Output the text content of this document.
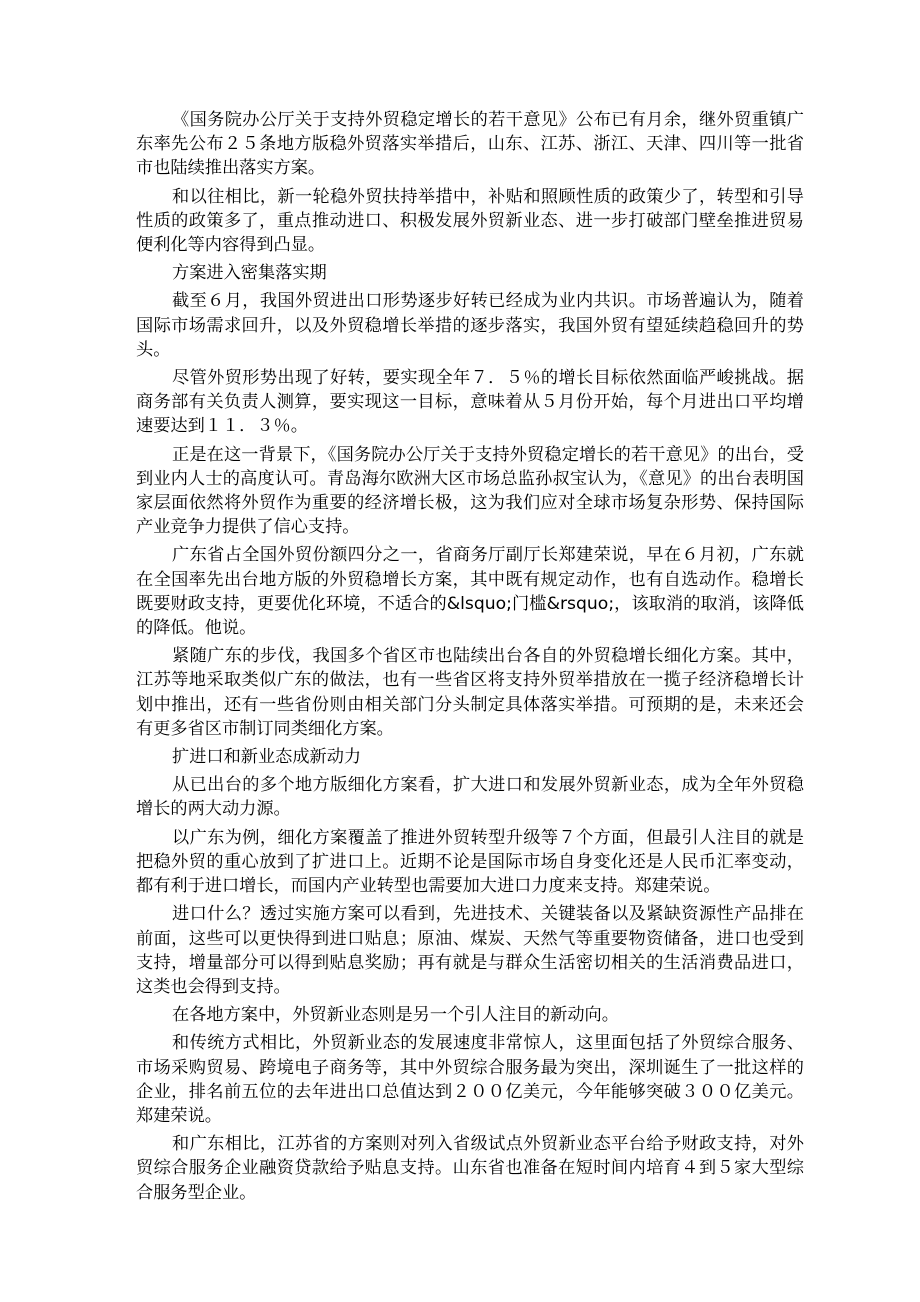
《国务院办公厅关于支持外贸稳定增长的若干意见》公布已有月余，继外贸重镇广东率先公布２５条地方版稳外贸落实举措后，山东、江苏、浙江、天津、四川等一批省市也陆续推出落实方案。

和以往相比，新一轮稳外贸扶持举措中，补贴和照顾性质的政策少了，转型和引导性质的政策多了，重点推动进口、积极发展外贸新业态、进一步打破部门壁垒推进贸易便利化等内容得到凸显。

方案进入密集落实期

截至６月，我国外贸进出口形势逐步好转已经成为业内共识。市场普遍认为，随着国际市场需求回升，以及外贸稳增长举措的逐步落实，我国外贸有望延续趋稳回升的势头。

尽管外贸形势出现了好转，要实现全年７．５％的增长目标依然面临严峻挑战。据商务部有关负责人测算，要实现这一目标，意味着从５月份开始，每个月进出口平均增速要达到１１．３％。

正是在这一背景下，《国务院办公厅关于支持外贸稳定增长的若干意见》的出台，受到业内人士的高度认可。青岛海尔欧洲大区市场总监孙叔宝认为，《意见》的出台表明国家层面依然将外贸作为重要的经济增长极，这为我们应对全球市场复杂形势、保持国际产业竞争力提供了信心支持。

广东省占全国外贸份额四分之一，省商务厅副厅长郑建荣说，早在６月初，广东就在全国率先出台地方版的外贸稳增长方案，其中既有规定动作，也有自选动作。稳增长既要财政支持，更要优化环境，不适合的&lsquo;门槛&rsquo;，该取消的取消，该降低的降低。他说。

紧随广东的步伐，我国多个省区市也陆续出台各自的外贸稳增长细化方案。其中，江苏等地采取类似广东的做法，也有一些省区将支持外贸举措放在一揽子经济稳增长计划中推出，还有一些省份则由相关部门分头制定具体落实举措。可预期的是，未来还会有更多省区市制订同类细化方案。

扩进口和新业态成新动力

从已出台的多个地方版细化方案看，扩大进口和发展外贸新业态，成为全年外贸稳增长的两大动力源。

以广东为例，细化方案覆盖了推进外贸转型升级等７个方面，但最引人注目的就是把稳外贸的重心放到了扩进口上。近期不论是国际市场自身变化还是人民币汇率变动，都有利于进口增长，而国内产业转型也需要加大进口力度来支持。郑建荣说。

进口什么？透过实施方案可以看到，先进技术、关键装备以及紧缺资源性产品排在前面，这些可以更快得到进口贴息；原油、煤炭、天然气等重要物资储备，进口也受到支持，增量部分可以得到贴息奖励；再有就是与群众生活密切相关的生活消费品进口，这类也会得到支持。

在各地方案中，外贸新业态则是另一个引人注目的新动向。

和传统方式相比，外贸新业态的发展速度非常惊人，这里面包括了外贸综合服务、市场采购贸易、跨境电子商务等，其中外贸综合服务最为突出，深圳诞生了一批这样的企业，排名前五位的去年进出口总值达到２００亿美元，今年能够突破３００亿美元。郑建荣说。

和广东相比，江苏省的方案则对列入省级试点外贸新业态平台给予财政支持，对外贸综合服务企业融资贷款给予贴息支持。山东省也准备在短时间内培育４到５家大型综合服务型企业。
